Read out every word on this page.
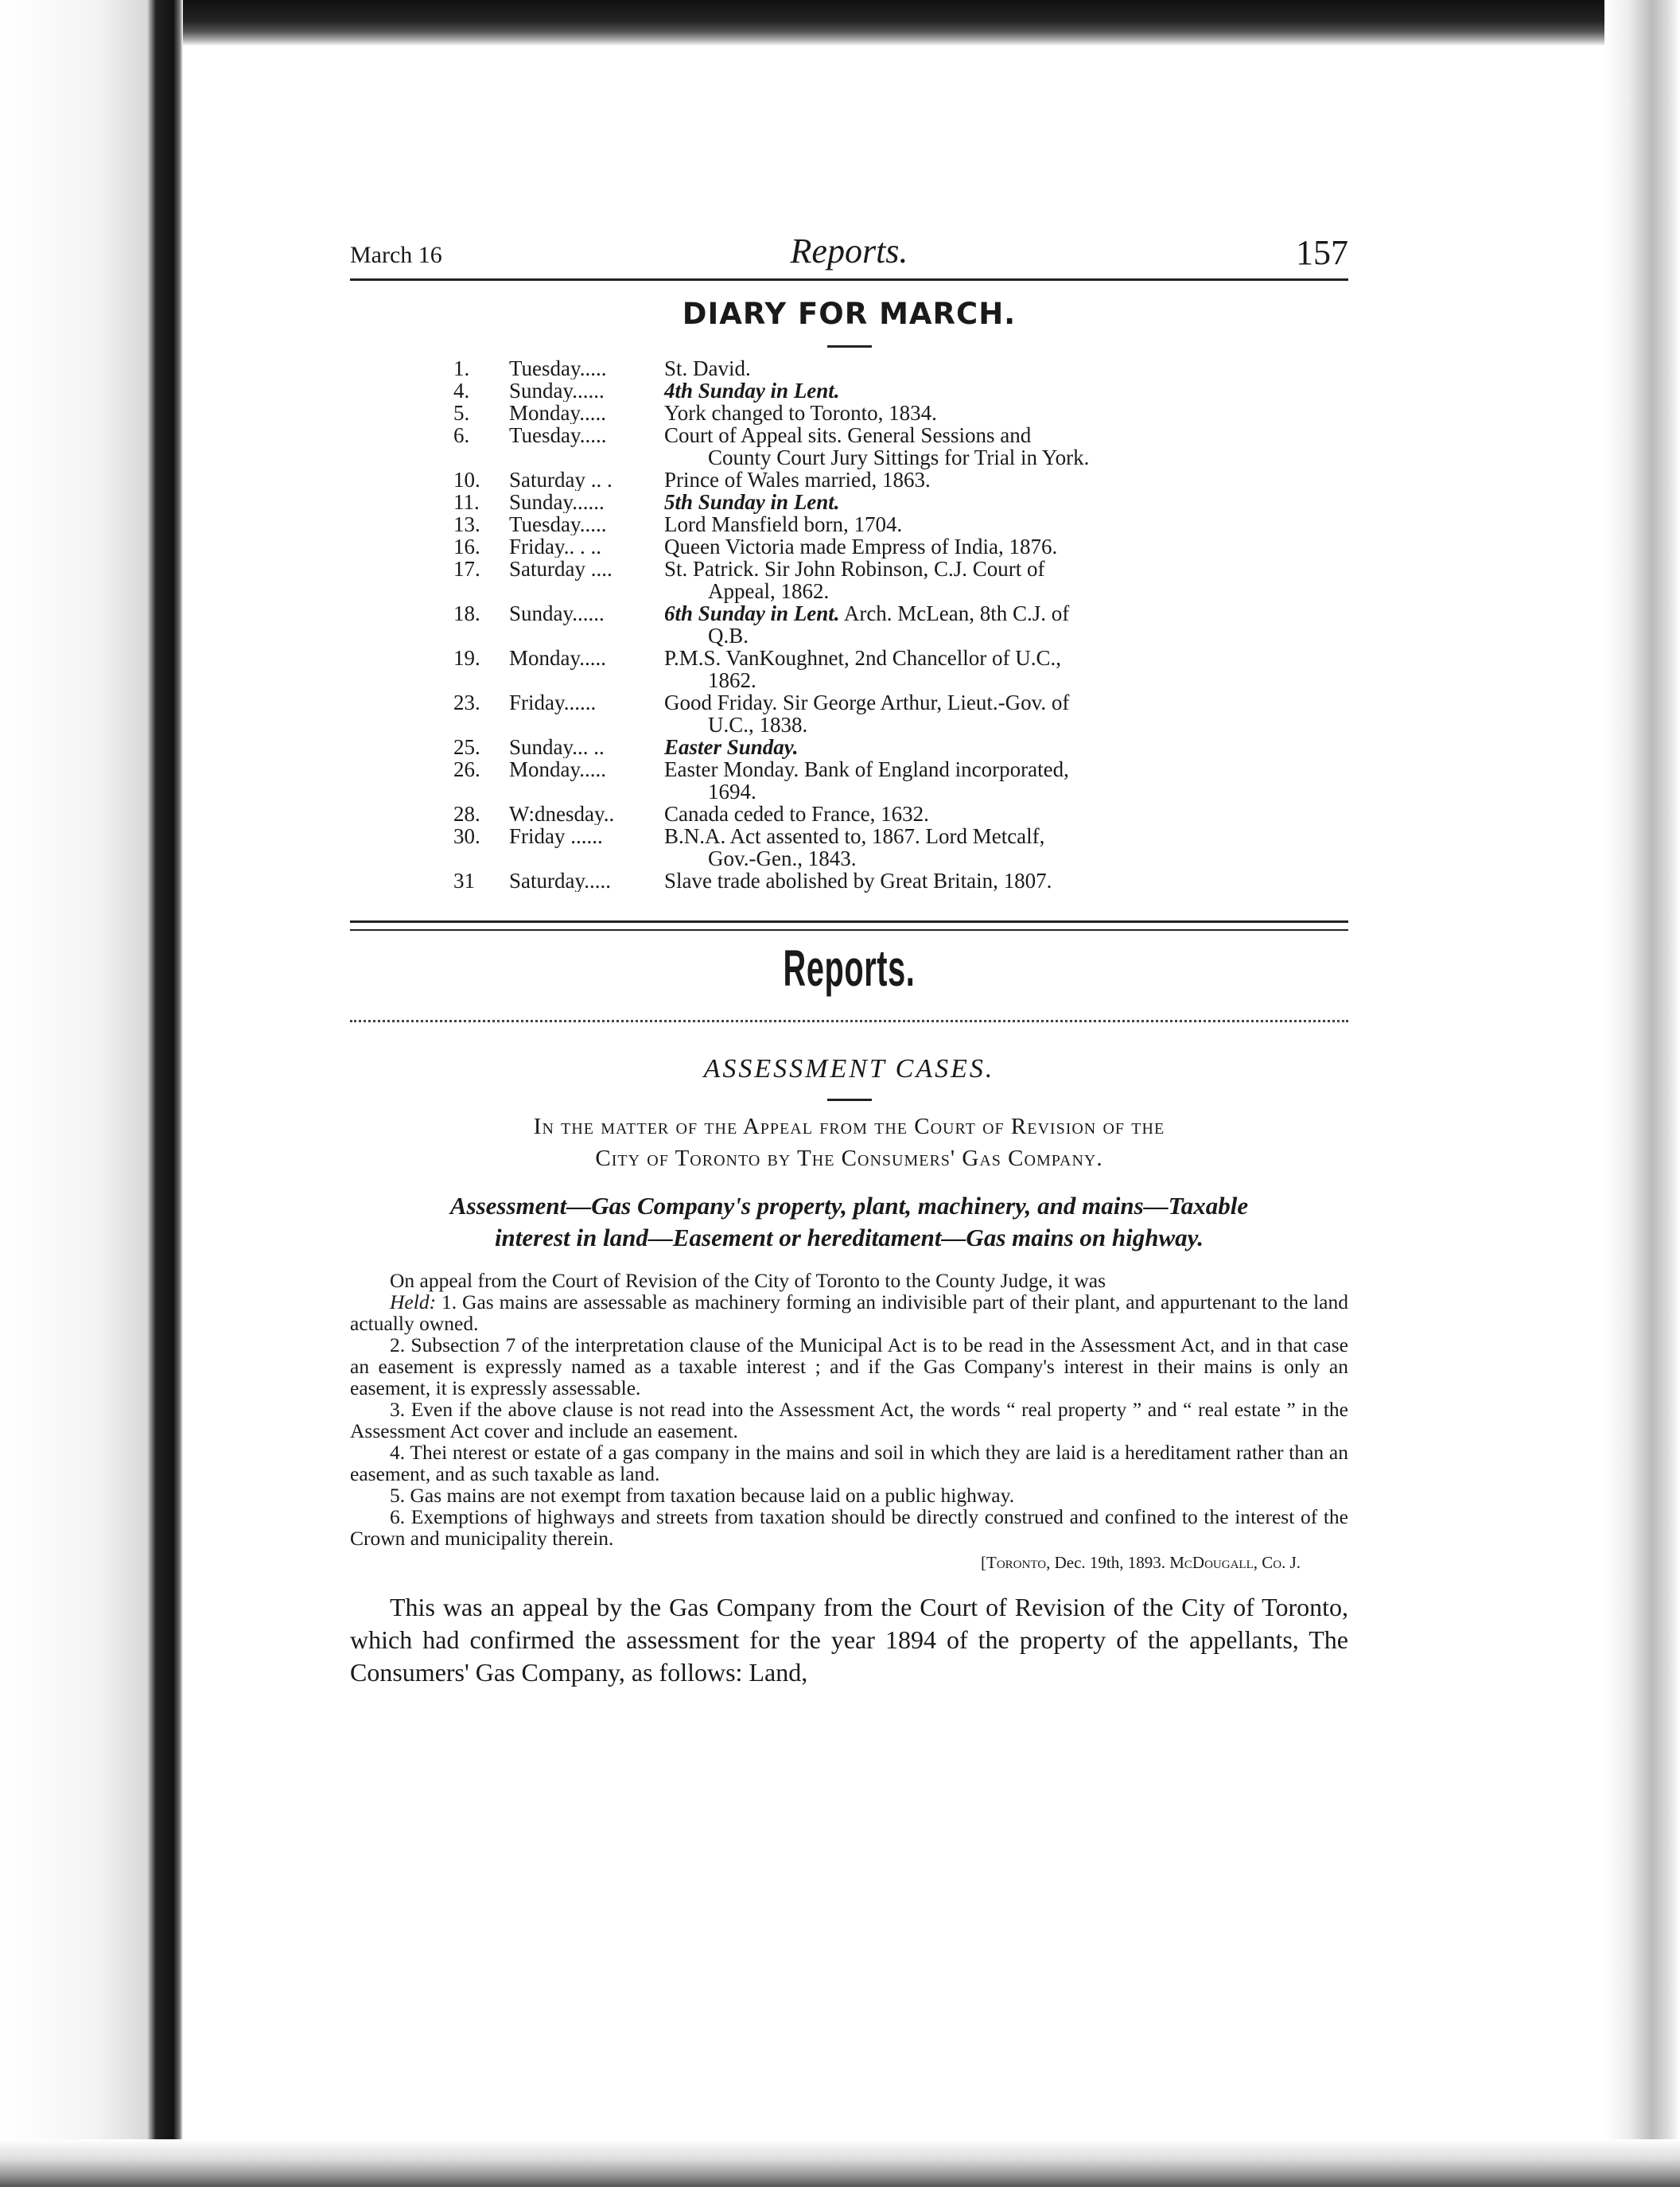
March 16	Reports.	157
DIARY FOR MARCH.
1.	Tuesday.....	St. David.
4.	Sunday......	4th Sunday in Lent.
5.	Monday.....	York changed to Toronto, 1834.
6.	Tuesday.....	Court of Appeal sits. General Sessions and
County Court Jury Sittings for Trial in York.
10.	Saturday .. .	Prince of Wales married, 1863.
11.	Sunday......	5th Sunday in Lent.
13.	Tuesday.....	Lord Mansfield born, 1704.
16.	Friday.. . ..	Queen Victoria made Empress of India, 1876.
17.	Saturday ....	St. Patrick. Sir John Robinson, C.J. Court of
Appeal, 1862.
18.	Sunday......	6th Sunday in Lent. Arch. McLean, 8th C.J. of
Q.B.
19.	Monday.....	P.M.S. VanKoughnet, 2nd Chancellor of U.C.,
1862.
23.	Friday......	Good Friday. Sir George Arthur, Lieut.-Gov. of
U.C., 1838.
25.	Sunday... ..	Easter Sunday.
26.	Monday.....	Easter Monday. Bank of England incorporated,
1694.
28.	W:dnesday..	Canada ceded to France, 1632.
30.	Friday ......	B.N.A. Act assented to, 1867. Lord Metcalf,
Gov.-Gen., 1843.
31	Saturday.....	Slave trade abolished by Great Britain, 1807.
Reports.
ASSESSMENT CASES.
In the matter of the Appeal from the Court of Revision of the
City of Toronto by The Consumers' Gas Company.
Assessment—Gas Company's property, plant, machinery, and mains—Taxable
interest in land—Easement or hereditament—Gas mains on highway.

On appeal from the Court of Revision of the City of Toronto to the County Judge, it was

Held: 1. Gas mains are assessable as machinery forming an indivisible part of their plant, and appurtenant to the land actually owned.

2. Subsection 7 of the interpretation clause of the Municipal Act is to be read in the Assessment Act, and in that case an easement is expressly named as a taxable interest ; and if the Gas Company's interest in their mains is only an easement, it is expressly assessable.

3. Even if the above clause is not read into the Assessment Act, the words “ real property ” and “ real estate ” in the Assessment Act cover and include an easement.

4. Thei nterest or estate of a gas company in the mains and soil in which they are laid is a hereditament rather than an easement, and as such taxable as land.

5. Gas mains are not exempt from taxation because laid on a public highway.

6. Exemptions of highways and streets from taxation should be directly construed and confined to the interest of the Crown and municipality therein.

[Toronto, Dec. 19th, 1893. McDougall, Co. J.

This was an appeal by the Gas Company from the Court of Revision of the City of Toronto, which had confirmed the assessment for the year 1894 of the property of the appellants, The Consumers' Gas Company, as follows: Land,
